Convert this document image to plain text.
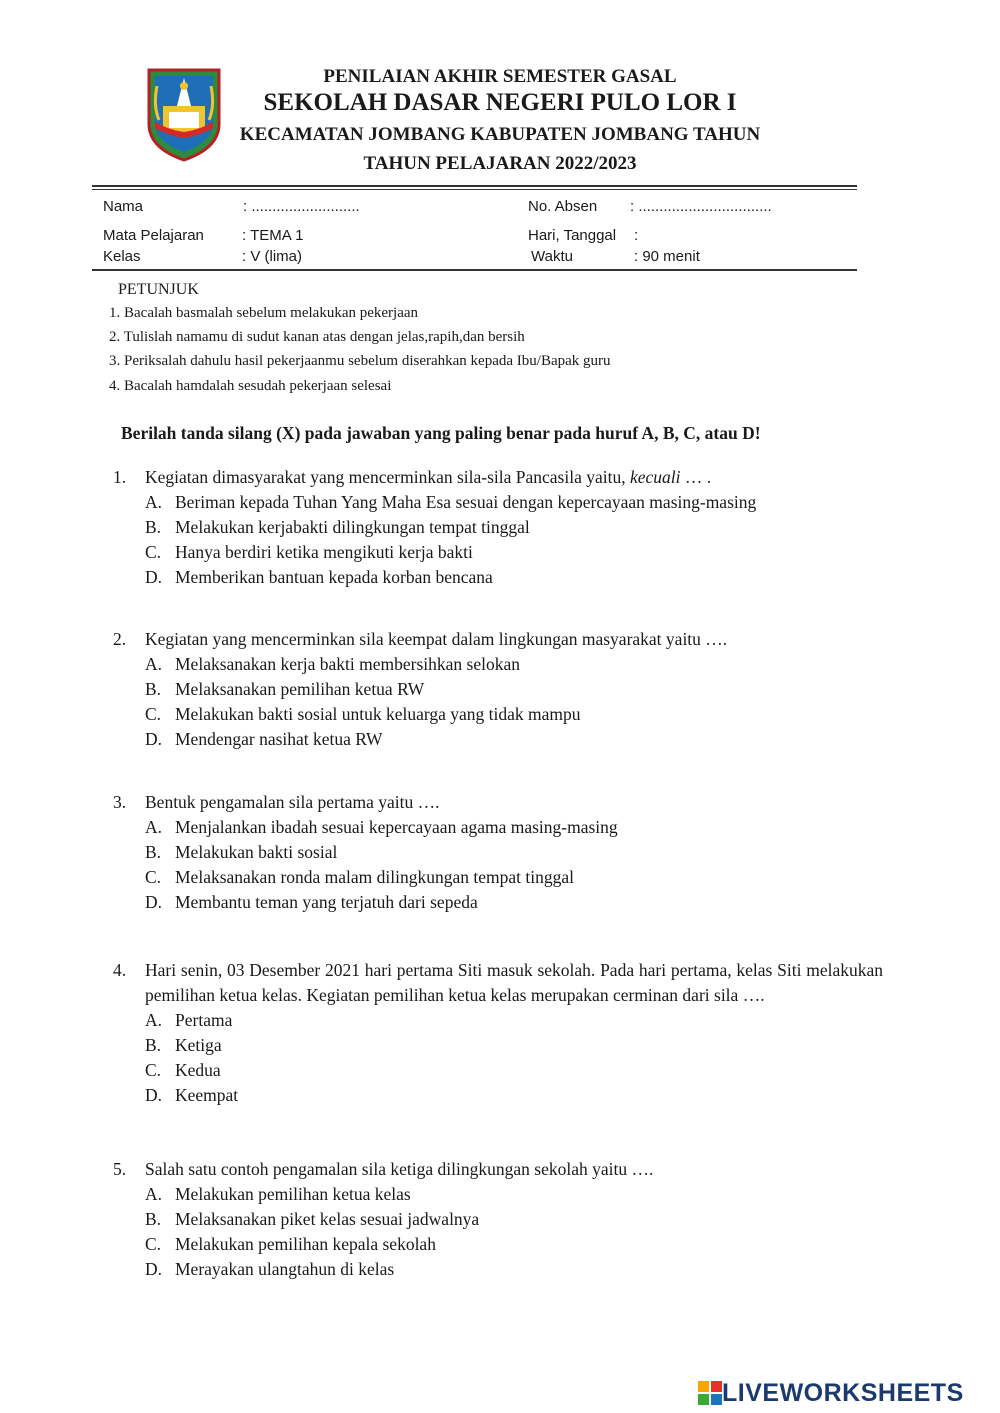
PENILAIAN AKHIR SEMESTER GASAL
SEKOLAH DASAR NEGERI PULO LOR I
KECAMATAN JOMBANG KABUPATEN JOMBANG TAHUN
TAHUN PELAJARAN 2022/2023
Nama	: ..........................	No. Absen : ................................
Mata Pelajaran	: TEMA 1	Hari, Tanggal :
Kelas	: V (lima)	Waktu	: 90 menit
PETUNJUK
1. Bacalah basmalah sebelum melakukan pekerjaan
2. Tulislah namamu di sudut kanan atas dengan jelas,rapih,dan bersih
3. Periksalah dahulu hasil pekerjaanmu sebelum diserahkan kepada Ibu/Bapak guru
4. Bacalah hamdalah sesudah pekerjaan selesai
Berilah tanda silang (X) pada jawaban yang paling benar pada huruf A, B, C, atau D!
1.	Kegiatan dimasyarakat yang mencerminkan sila-sila Pancasila yaitu, kecuali … .
A. Beriman kepada Tuhan Yang Maha Esa sesuai dengan kepercayaan masing-masing
B. Melakukan kerjabakti dilingkungan tempat tinggal
C. Hanya berdiri ketika mengikuti kerja bakti
D. Memberikan bantuan kepada korban bencana
2.	Kegiatan yang mencerminkan sila keempat dalam lingkungan masyarakat yaitu ….
A. Melaksanakan kerja bakti membersihkan selokan
B. Melaksanakan pemilihan ketua RW
C. Melakukan bakti sosial untuk keluarga yang tidak mampu
D. Mendengar nasihat ketua RW
3.	Bentuk pengamalan sila pertama yaitu ….
A. Menjalankan ibadah sesuai kepercayaan agama masing-masing
B. Melakukan bakti sosial
C. Melaksanakan ronda malam dilingkungan tempat tinggal
D. Membantu teman yang terjatuh dari sepeda
4.	Hari senin, 03 Desember 2021 hari pertama Siti masuk sekolah. Pada hari pertama, kelas Siti melakukan pemilihan ketua kelas. Kegiatan pemilihan ketua kelas merupakan cerminan dari sila ….
A. Pertama
B. Ketiga
C. Kedua
D. Keempat
5.	Salah satu contoh pengamalan sila ketiga dilingkungan sekolah yaitu ….
A. Melakukan pemilihan ketua kelas
B. Melaksanakan piket kelas sesuai jadwalnya
C. Melakukan pemilihan kepala sekolah
D. Merayakan ulangtahun di kelas
LIVEWORKSHEETS
